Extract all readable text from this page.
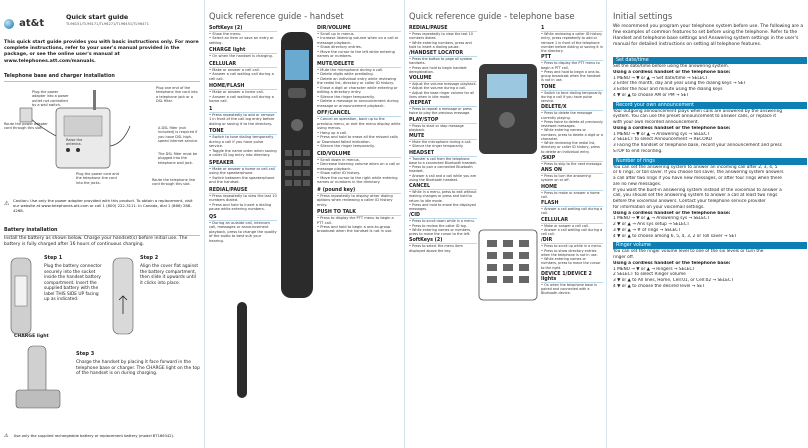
at&t
Quick start guide
TL96151/TL96171/TL96271/TL96451/TL96471
This quick start guide provides you with basic instructions only. For more complete instructions, refer to your user's manual provided in the package, or see the online user's manual at www.telephones.att.com/manuals.
Telephone base and charger installation
Plug the power adapter into a power outlet not controlled by a wall switch.
Route the power adapter cord through this slot.
Raise the antenna.
Plug the power cord and the telephone line cord into the jacks.
Plug one end of the telephone line cord into a telephone jack or a DSL filter.
A DSL filter (not included) is required if you have DSL high-speed internet service.
The DSL filter must be plugged into the telephone wall jack.
Route the telephone line cord through this slot.
⚠ Caution: Use only the power adapter provided with this product. To obtain a replacement, visit our website at www.telephones.att.com or call 1 (800) 222-3111. In Canada, dial 1 (866) 288-4268.
Battery installation
Install the battery as shown below. Charge your handset(s) before initial use. The battery is fully charged after 16 hours of continuous charging.
Step 1
Plug the battery connector securely into the socket inside the handset battery compartment. Insert the supplied battery with the label THIS SIDE UP facing up as indicated.
Step 2
Align the cover flat against the battery compartment, then slide it upwards until it clicks into place.
CHARGE light
Step 3
Charge the handset by placing it face forward in the telephone base or charger. The CHARGE light on the top of the handset is on during charging.
⚠ Use only the supplied rechargeable battery or replacement battery (model BT166342).
Quick reference guide - handset
SoftKeys (2)
• Show the menu.
• Select an item or save an entry or setting.
CHARGE light
• On when the handset is charging.
CELLULAR
• Make or answer a cell call.
• Answer a call waiting call during a cell call.
HOME/FLASH
• Make or answer a home call.
• Answer a call waiting call during a home call.
1
• Press repeatedly to add or remove 1 in front of the call log entry before dialing or saving it to the directory.
TONE
• Switch to tone dialing temporarily during a call if you have pulse service.
• Toggle the name order when saving a caller ID log entry into directory.
SPEAKER
• Make or answer a home or cell call using the speakerphone.
• Switch between the speakerphone and the handset.
REDIAL/PAUSE
• Press repeatedly to view the last 10 numbers dialed.
• Press and hold to insert a dialing pause while entering numbers.
QS
• During an outside call, intercom call, messages or announcement playback, press to change the quality of the audio to best suit your hearing.
DIR/VOLUME
• Scroll up in menus.
• Increase listening volume when on a call or message playback.
• Show directory entries.
• Move the cursor to the left while entering names or numbers.
MUTE/DELETE
• Mute the microphone during a call.
• Delete digits while predialing.
• Delete an individual entry while reviewing the redial list, directory or caller ID history.
• Erase a digit or character while entering or editing a directory entry.
• Silence the ringer temporarily.
• Delete a message or announcement during message or announcement playback.
OFF/CANCEL
• Cancel an operation, back up to the previous menu, or exit the menu display while using menus.
• Hang up a call.
• Press and hold to erase all the missed calls or Download failed indication.
• Silence the ringer temporarily.
CID/VOLUME
• Scroll down in menus.
• Decrease listening volume when on a call or message playback.
• Show caller ID history.
• Move the cursor to the right while entering names or numbers in the directory.
# (pound key)
• Press repeatedly to display other dialing options when reviewing a caller ID history entry.
PUSH TO TALK
• Press to display the PTT menu to begin a PTT call.
• Press and hold to begin a one-to-group broadcast when the handset is not in use.
Quick reference guide - telephone base
REDIAL/PAUSE
• Press repeatedly to view the last 10 numbers dialed.
• While entering numbers, press and hold to insert a dialing pause.
/HANDSET LOCATOR
• Press the button to page all system handsets.
• Press and hold to begin handset deregistration.
VOLUME
• Adjust the volume message playback.
• Adjust the volume during a call.
• Adjust the base ringer volume for all lines when in idle mode.
/REPEAT
• Press to repeat a message or press twice to play the previous message.
PLAY/STOP
• Press to start or stop message playback.
MUTE
• Mute the microphone during a call.
• Silence the ringer temporarily.
HEADSET
• Transfer a call from the telephone base to a connected Bluetooth headset.
• Press to pair a connected Bluetooth headset.
• Answer a call and a call while you are using the Bluetooth headset.
CANCEL
• While in a menu, press to exit without making changes or press and hold to return to idle mode.
• Press and hold to erase the displayed messages.
/CID
• Press to scroll down while in a menu.
• Press to review the caller ID log.
• While entering names or numbers, press to move the cursor to the left.
SoftKeys (2)
• Press to select the menu item displayed above the key.
1
• While reviewing a caller ID history entry, press repeatedly to add or remove 1 in front of the telephone number before dialing or saving it in the directory.
PTT
• Press to display the PTT menu to begin a PTT call.
• Press and hold to begin a one-to-group broadcast when the handset is not in use.
TONE
• Switch to tone dialing temporarily during a call if you have pulse service.
DELETE/X
• Press to delete the message currently playing.
• Press twice to delete all previously reviewed messages.
• While entering names or numbers, press to delete a digit or a character.
• While reviewing the redial list, directory or caller ID history, press to delete an individual entry.
/SKIP
• Press to skip to the next message.
ANS ON
• Press to turn the answering system on or off.
HOME
• Press to make or answer a home call.
FLASH
• Answer a call waiting call during a call.
CELLULAR
• Make or answer a cell call.
• Answer a call waiting call during a cell call.
/DIR
• Press to scroll up while in a menu.
• Press to show directory entries when the telephone is not in use.
• While entering names or numbers, press to move the cursor to the right.
DEVICE 1/DEVICE 2 lights
• On when the telephone base is paired and connected with a Bluetooth device.
Initial settings
We recommend you program your telephone system before use. The following are a few examples of common features to set before using the telephone. Refer to the Handset and telephone base settings and Answering system settings in the user's manual for detailed instructions on setting all telephone features.
Set date/time
Set the date/time before using the answering system.
Using a cordless handset or the telephone base:
1 MENU → ▼ or ▲ → Set date/time → SELECT
2 Enter the month, day and year using the dialing keys → SET
3 Enter the hour and minute using the dialing keys
4 ▼ or ▲ to choose AM or PM → SET
Record your own announcement
Your outgoing announcement plays when calls are answered by the answering
system. You can use the preset announcement to answer calls, or replace it
with your own recorded announcement.
Using a cordless handset or the telephone base:
1 MENU → ▼ or ▲ → Answering sys → SELECT
2 SELECT to select Announcement → RECORD
3 Facing the handset or telephone base, record your announcement and press
STOP to end recording.
Number of rings
You can set the answering system to answer an incoming call after 2, 3, 4, 5
or 6 rings, or toll saver. If you choose toll saver, the answering system answers
a call after two rings if you have new messages, or after four rings when there
are no new messages.
If you want the built-in answering system instead of the voicemail to answer a
call, you should set the answering system to answer a call at least two rings
before the voicemail answers. Contact your telephone service provider
for information on your voicemail settings.
Using a cordless handset or the telephone base:
1 MENU → ▼ or ▲ → Answering sys → SELECT
2 ▼ or ▲ → Ans sys setup → SELECT
3 ▼ or ▲ → # of rings → SELECT
4 ▼ or ▲ to choose among 6, 5, 4, 3, 2 or Toll saver → SET
Ringer volume
You can set the ringer volume level to one of the six levels or turn the
ringer off.
Using a cordless handset or the telephone base:
1 MENU → ▼ or ▲ → Ringers → SELECT
2 SELECT to select Ringer volume
3 ▼ or ▲ to All lines, Home, Cell:01, or Cell:02 → SELECT
4 ▼ or ▲ to choose the desired level → SET
